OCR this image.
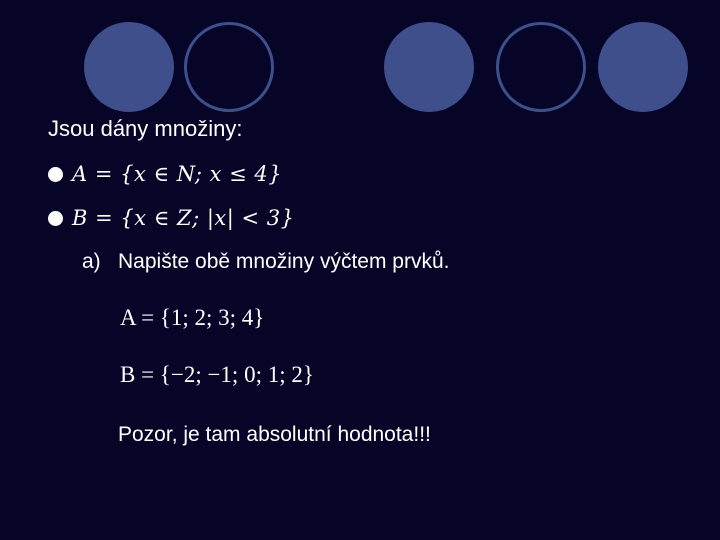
Jsou dány množiny:
A = {x ∈ N; x ≤ 4}
B = {x ∈ Z; |x| < 3}
a) Napište obě množiny výčtem prvků.
A = {1; 2; 3; 4}
B = {−2; −1; 0; 1; 2}
Pozor, je tam absolutní hodnota!!!
